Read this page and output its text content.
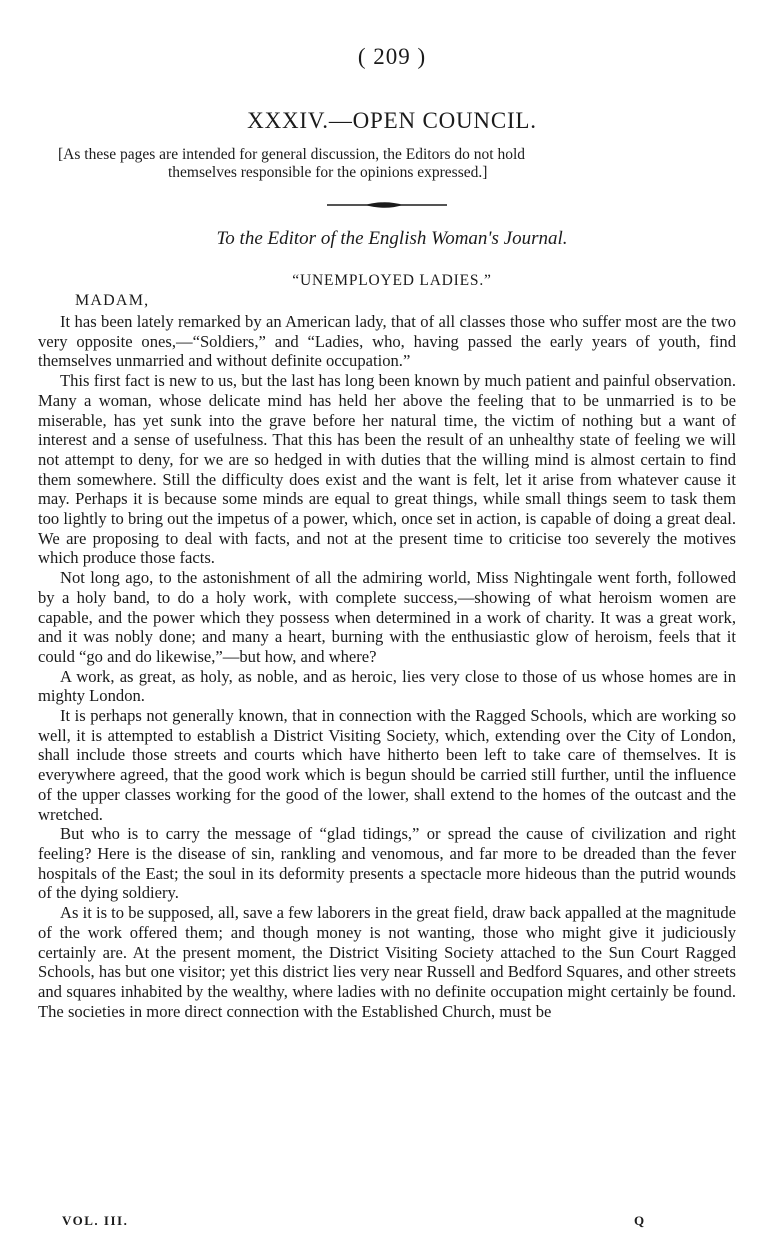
( 209 )
XXXIV.—OPEN COUNCIL.
[As these pages are intended for general discussion, the Editors do not hold
themselves responsible for the opinions expressed.]
To the Editor of the English Woman's Journal.
“UNEMPLOYED LADIES.”
MADAM,

It has been lately remarked by an American lady, that of all classes those who suffer most are the two very opposite ones,—“Soldiers,” and “Ladies, who, having passed the early years of youth, find themselves unmarried and without definite occupation.”

This first fact is new to us, but the last has long been known by much patient and painful observation. Many a woman, whose delicate mind has held her above the feeling that to be unmarried is to be miserable, has yet sunk into the grave before her natural time, the victim of nothing but a want of interest and a sense of usefulness. That this has been the result of an unhealthy state of feeling we will not attempt to deny, for we are so hedged in with duties that the willing mind is almost certain to find them somewhere. Still the difficulty does exist and the want is felt, let it arise from whatever cause it may. Perhaps it is because some minds are equal to great things, while small things seem to task them too lightly to bring out the impetus of a power, which, once set in action, is capable of doing a great deal. We are proposing to deal with facts, and not at the present time to criticise too severely the motives which produce those facts.

Not long ago, to the astonishment of all the admiring world, Miss Nightingale went forth, followed by a holy band, to do a holy work, with complete success,—showing of what heroism women are capable, and the power which they possess when determined in a work of charity. It was a great work, and it was nobly done; and many a heart, burning with the enthusiastic glow of heroism, feels that it could “go and do likewise,”—but how, and where?

A work, as great, as holy, as noble, and as heroic, lies very close to those of us whose homes are in mighty London.

It is perhaps not generally known, that in connection with the Ragged Schools, which are working so well, it is attempted to establish a District Visiting Society, which, extending over the City of London, shall include those streets and courts which have hitherto been left to take care of themselves. It is everywhere agreed, that the good work which is begun should be carried still further, until the influence of the upper classes working for the good of the lower, shall extend to the homes of the outcast and the wretched.

But who is to carry the message of “glad tidings,” or spread the cause of civilization and right feeling? Here is the disease of sin, rankling and venomous, and far more to be dreaded than the fever hospitals of the East; the soul in its deformity presents a spectacle more hideous than the putrid wounds of the dying soldiery.

As it is to be supposed, all, save a few laborers in the great field, draw back appalled at the magnitude of the work offered them; and though money is not wanting, those who might give it judiciously certainly are. At the present moment, the District Visiting Society attached to the Sun Court Ragged Schools, has but one visitor; yet this district lies very near Russell and Bedford Squares, and other streets and squares inhabited by the wealthy, where ladies with no definite occupation might certainly be found. The societies in more direct connection with the Established Church, must be

VOL. III.	Q
